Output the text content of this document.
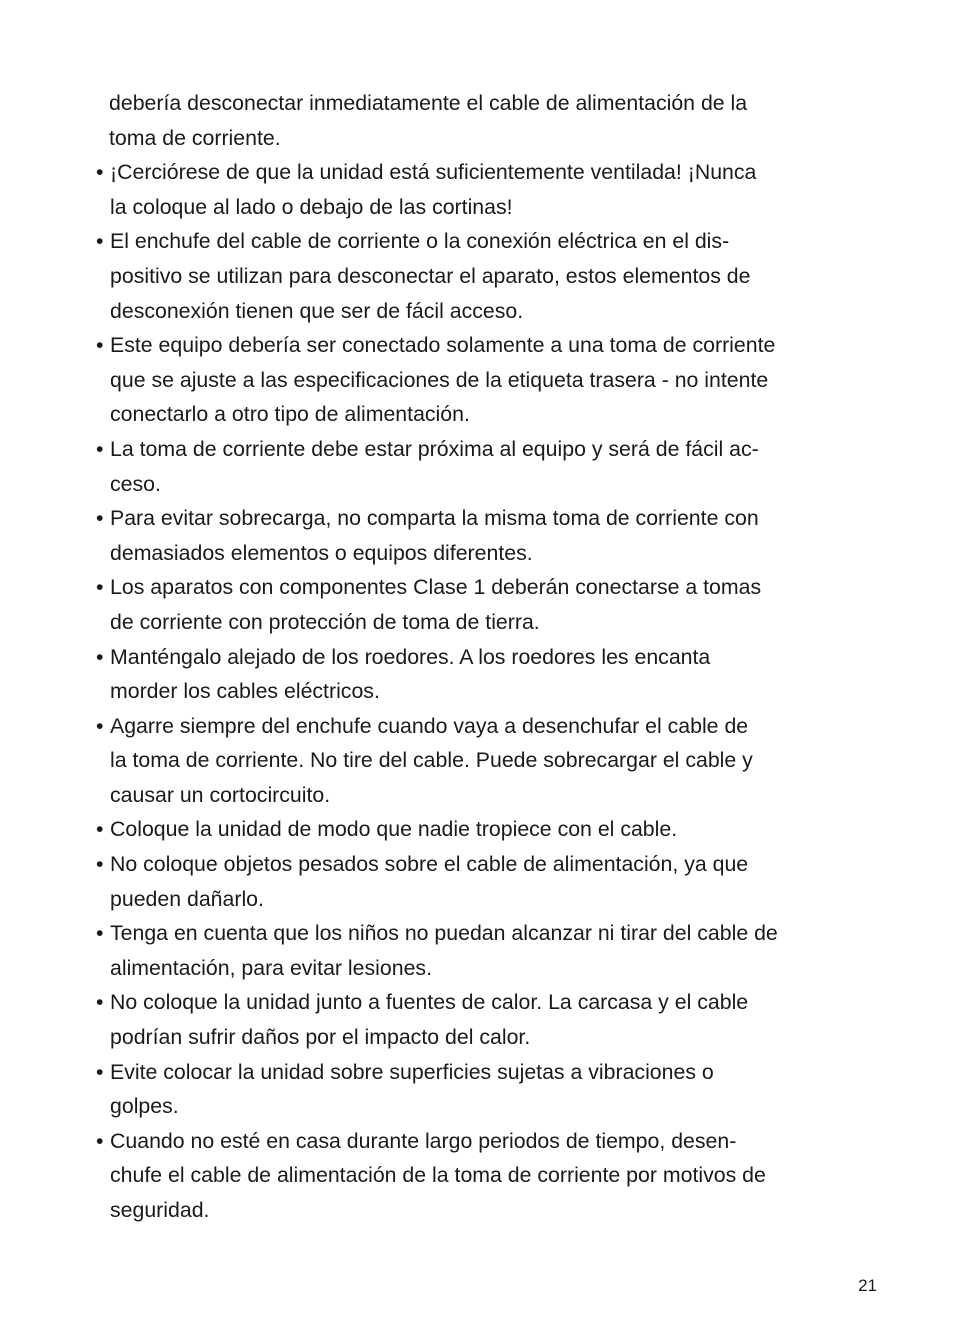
debería desconectar inmediatamente el cable de alimentación de la
toma de corriente.
• ¡Cerciórese de que la unidad está suficientemente ventilada! ¡Nunca
la coloque al lado o debajo de las cortinas!
• El enchufe del cable de corriente o la conexión eléctrica en el dis-
positivo se utilizan para desconectar el aparato, estos elementos de
desconexión tienen que ser de fácil acceso.
• Este equipo debería ser conectado solamente a una toma de corriente
que se ajuste a las especificaciones de la etiqueta trasera - no intente
conectarlo a otro tipo de alimentación.
• La toma de corriente debe estar próxima al equipo y será de fácil ac-
ceso.
• Para evitar sobrecarga, no comparta la misma toma de corriente con
demasiados elementos o equipos diferentes.
• Los aparatos con componentes Clase 1 deberán conectarse a tomas
de corriente con protección de toma de tierra.
• Manténgalo alejado de los roedores. A los roedores les encanta
morder los cables eléctricos.
• Agarre siempre del enchufe cuando vaya a desenchufar el cable de
la toma de corriente. No tire del cable. Puede sobrecargar el cable y
causar un cortocircuito.
• Coloque la unidad de modo que nadie tropiece con el cable.
• No coloque objetos pesados sobre el cable de alimentación, ya que
pueden dañarlo.
• Tenga en cuenta que los niños no puedan alcanzar ni tirar del cable de
alimentación, para evitar lesiones.
• No coloque la unidad junto a fuentes de calor. La carcasa y el cable
podrían sufrir daños por el impacto del calor.
• Evite colocar la unidad sobre superficies sujetas a vibraciones o
golpes.
• Cuando no esté en casa durante largo periodos de tiempo, desen-
chufe el cable de alimentación de la toma de corriente por motivos de
seguridad.
21
